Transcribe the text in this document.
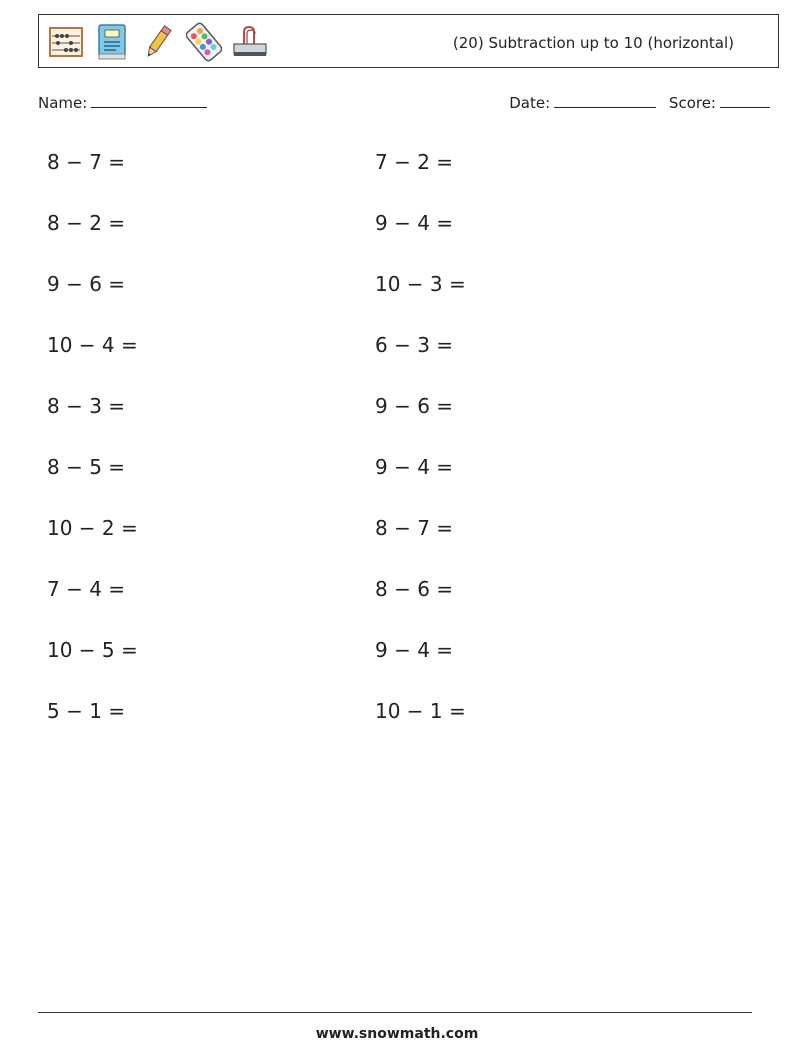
(20) Subtraction up to 10 (horizontal)
Name:	Date:	Score:
8 − 7 =
8 − 2 =
9 − 6 =
10 − 4 =
8 − 3 =
8 − 5 =
10 − 2 =
7 − 4 =
10 − 5 =
5 − 1 =
7 − 2 =
9 − 4 =
10 − 3 =
6 − 3 =
9 − 6 =
9 − 4 =
8 − 7 =
8 − 6 =
9 − 4 =
10 − 1 =
www.snowmath.com
